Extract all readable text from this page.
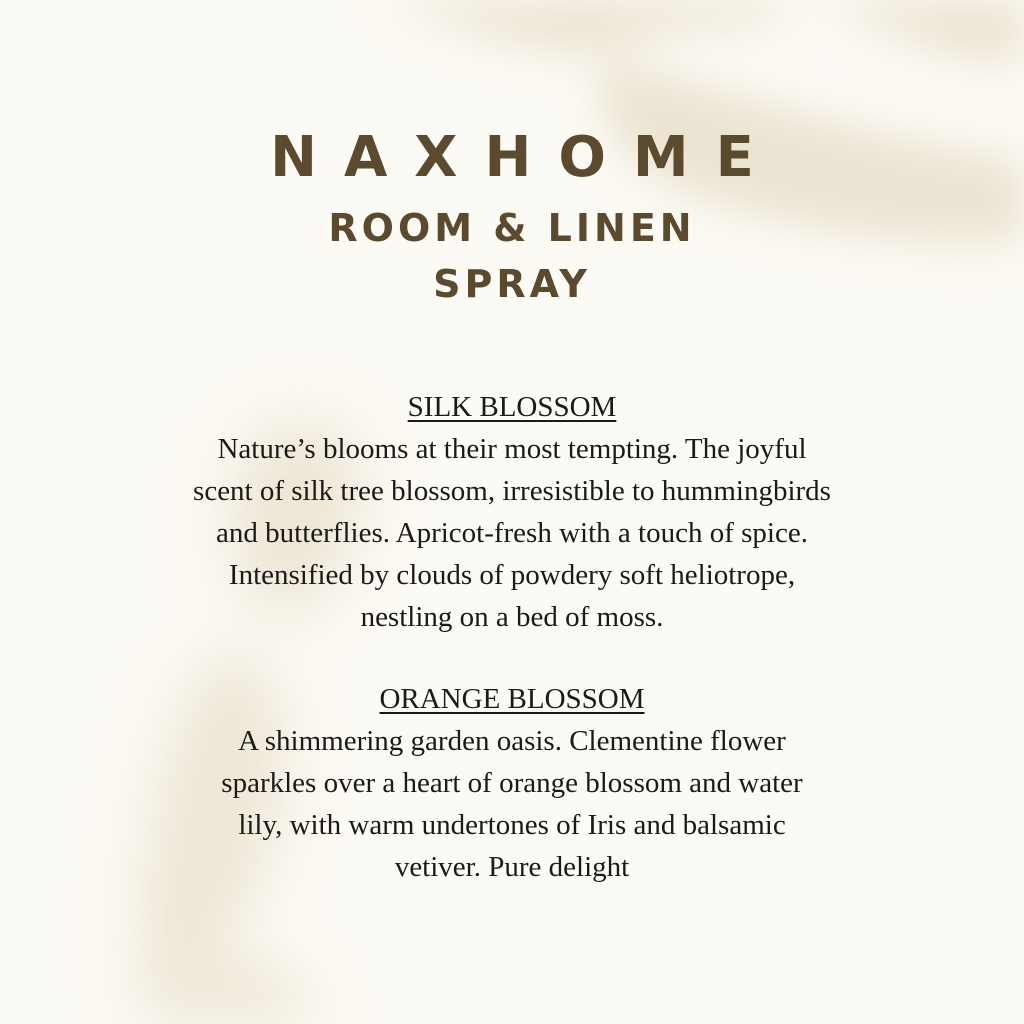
NAXHOME
ROOM & LINEN
SPRAY
SILK BLOSSOM
Nature’s blooms at their most tempting. The joyful
scent of silk tree blossom, irresistible to hummingbirds
and butterflies. Apricot-fresh with a touch of spice.
Intensified by clouds of powdery soft heliotrope,
nestling on a bed of moss.
ORANGE BLOSSOM
A shimmering garden oasis. Clementine flower
sparkles over a heart of orange blossom and water
lily, with warm undertones of Iris and balsamic
vetiver. Pure delight
